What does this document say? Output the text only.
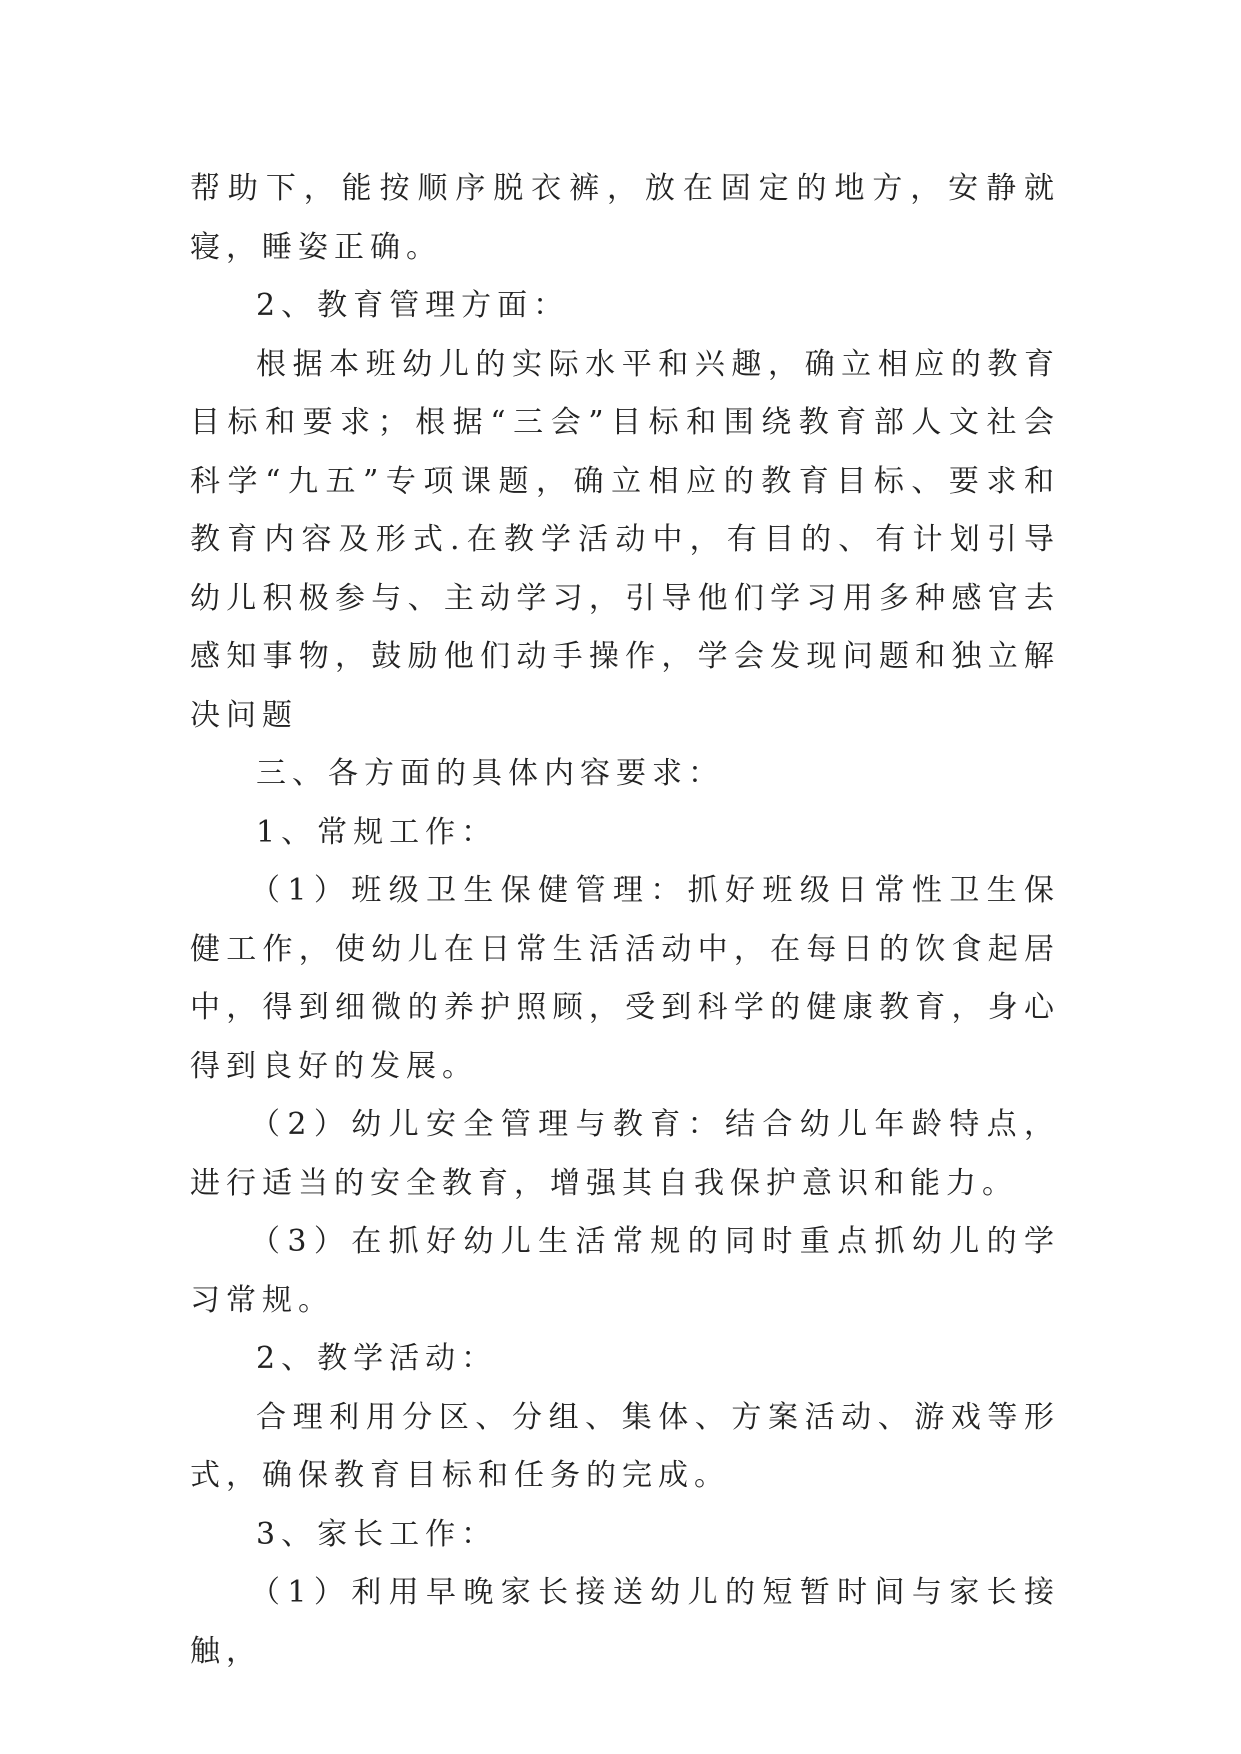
帮助下，能按顺序脱衣裤，放在固定的地方，安静就寝，睡姿正确。

2、教育管理方面：

根据本班幼儿的实际水平和兴趣，确立相应的教育目标和要求；根据“三会”目标和围绕教育部人文社会科学“九五”专项课题，确立相应的教育目标、要求和教育内容及形式.在教学活动中，有目的、有计划引导幼儿积极参与、主动学习，引导他们学习用多种感官去感知事物，鼓励他们动手操作，学会发现问题和独立解决问题

三、各方面的具体内容要求：

1、常规工作：

（1）班级卫生保健管理：抓好班级日常性卫生保健工作，使幼儿在日常生活活动中，在每日的饮食起居中，得到细微的养护照顾，受到科学的健康教育，身心得到良好的发展。

（2）幼儿安全管理与教育：结合幼儿年龄特点，进行适当的安全教育，增强其自我保护意识和能力。

（3）在抓好幼儿生活常规的同时重点抓幼儿的学习常规。

2、教学活动：

合理利用分区、分组、集体、方案活动、游戏等形式，确保教育目标和任务的完成。

3、家长工作：

（1）利用早晚家长接送幼儿的短暂时间与家长接触，
